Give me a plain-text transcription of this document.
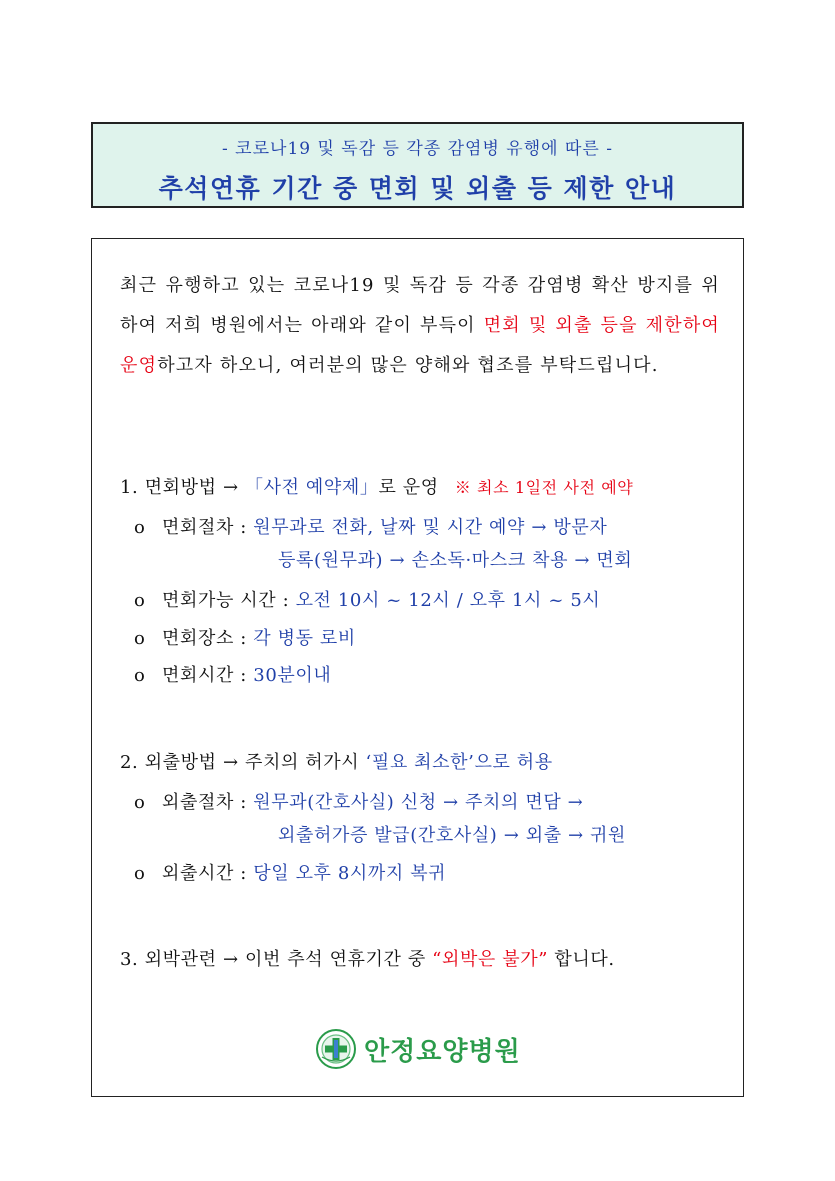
- 코로나19 및 독감 등 각종 감염병 유행에 따른 -
추석연휴 기간 중 면회 및 외출 등 제한 안내
최근 유행하고 있는 코로나19 및 독감 등 각종 감염병 확산 방지를 위하여 저희 병원에서는 아래와 같이 부득이 면회 및 외출 등을 제한하여 운영하고자 하오니, 여러분의 많은 양해와 협조를 부탁드립니다.
1. 면회방법 → 「사전 예약제」로 운영 ※ 최소 1일전 사전 예약
o 면회절차 : 원무과로 전화, 날짜 및 시간 예약 → 방문자
등록(원무과) → 손소독·마스크 착용 → 면회
o 면회가능 시간 : 오전 10시 ~ 12시 / 오후 1시 ~ 5시
o 면회장소 : 각 병동 로비
o 면회시간 : 30분이내
2. 외출방법 → 주치의 허가시 ‘필요 최소한’으로 허용
o 외출절차 : 원무과(간호사실) 신청 → 주치의 면담 →
외출허가증 발급(간호사실) → 외출 → 귀원
o 외출시간 : 당일 오후 8시까지 복귀
3. 외박관련 → 이번 추석 연휴기간 중 “외박은 불가” 합니다.
안정요양병원
